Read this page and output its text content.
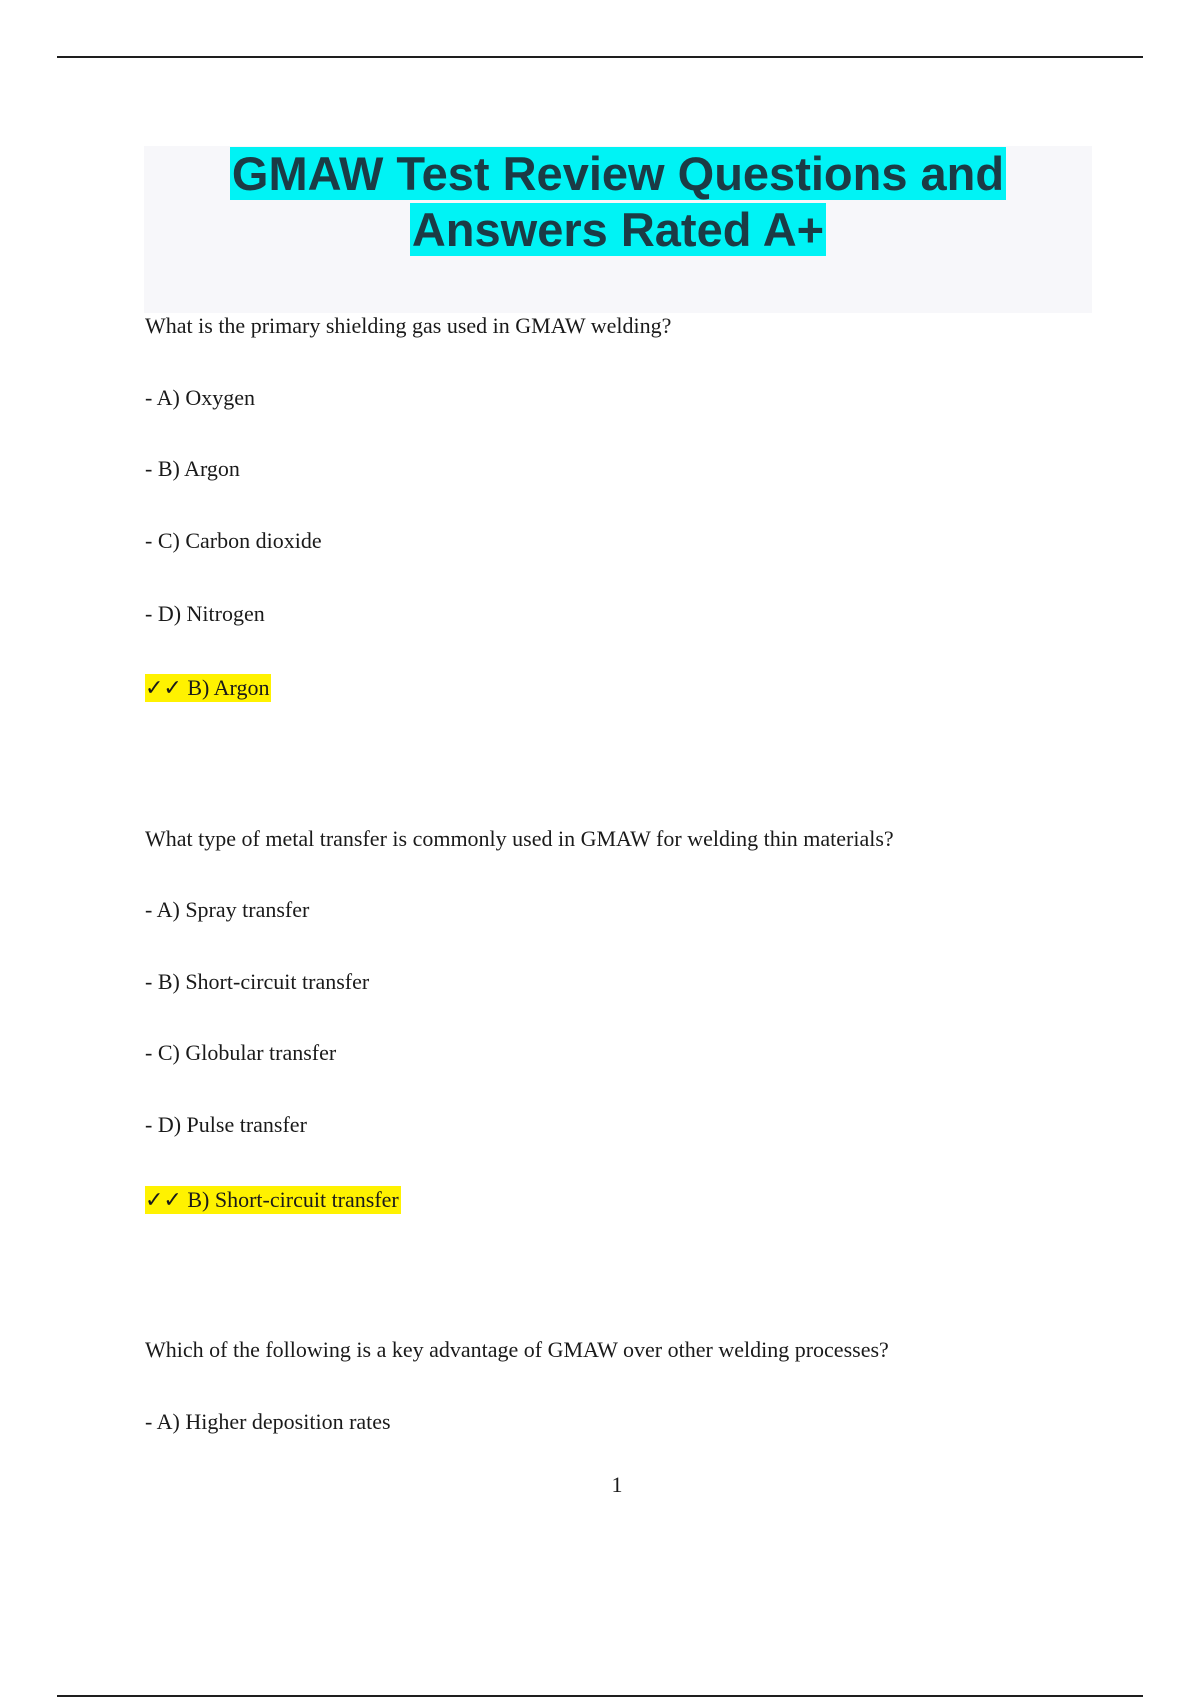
GMAW Test Review Questions and
Answers Rated A+

What is the primary shielding gas used in GMAW welding?

- A) Oxygen

- B) Argon

- C) Carbon dioxide

- D) Nitrogen

✓✓ B) Argon

What type of metal transfer is commonly used in GMAW for welding thin materials?

- A) Spray transfer

- B) Short-circuit transfer

- C) Globular transfer

- D) Pulse transfer

✓✓ B) Short-circuit transfer

Which of the following is a key advantage of GMAW over other welding processes?

- A) Higher deposition rates

1
